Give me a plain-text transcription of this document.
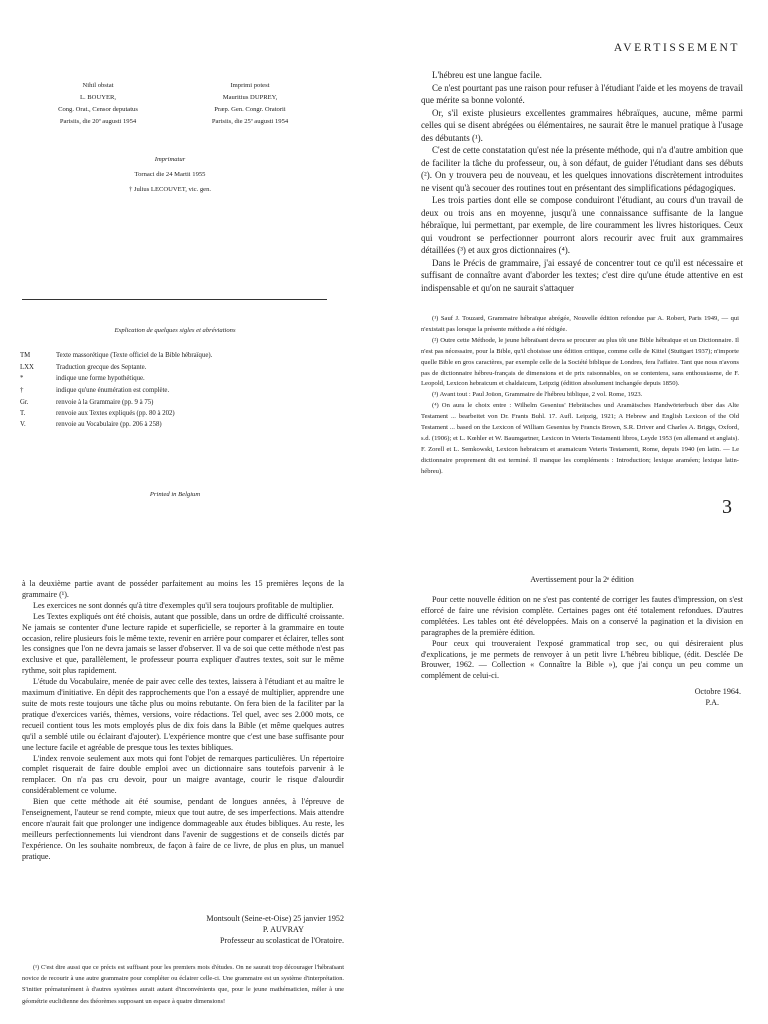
Nihil obstat
L. BOUYER,
Cong. Orat., Censor deputatus
Parisiis, die 20ª augusti 1954
Imprimi potest
Mauritius DUPREY,
Præp. Gen. Congr. Oratorii
Parisiis, die 25ª augusti 1954
Imprimatur
Tornaci die 24 Martii 1955
† Julius LECOUVET, vic. gen.
Explication de quelques sigles et abréviations
TM	Texte massorétique (Texte officiel de la Bible hébraïque).
LXX	Traduction grecque des Septante.
*	indique une forme hypothétique.
†	indique qu'une énumération est complète.
Gr.	renvoie à la Grammaire (pp. 9 à 75)
T.	renvoie aux Textes expliqués (pp. 80 à 202)
V.	renvoie au Vocabulaire (pp. 206 à 258)
Printed in Belgium
AVERTISSEMENT

L'hébreu est une langue facile.

Ce n'est pourtant pas une raison pour refuser à l'étudiant l'aide et les moyens de travail que mérite sa bonne volonté.

Or, s'il existe plusieurs excellentes grammaires hébraïques, aucune, même parmi celles qui se disent abrégées ou élémentaires, ne saurait être le manuel pratique à l'usage des débutants (¹).

C'est de cette constatation qu'est née la présente méthode, qui n'a d'autre ambition que de faciliter la tâche du professeur, ou, à son défaut, de guider l'étudiant dans ses débuts (²). On y trouvera peu de nouveau, et les quelques innovations discrètement introduites ne visent qu'à secouer des routines tout en présentant des simplifications pédagogiques.

Les trois parties dont elle se compose conduiront l'étudiant, au cours d'un travail de deux ou trois ans en moyenne, jusqu'à une connaissance suffisante de la langue hébraïque, lui permettant, par exemple, de lire couramment les livres historiques. Ceux qui voudront se perfectionner pourront alors recourir avec fruit aux grammaires détaillées (³) et aux gros dictionnaires (⁴).

Dans le Précis de grammaire, j'ai essayé de concentrer tout ce qu'il est nécessaire et suffisant de connaître avant d'aborder les textes; c'est dire qu'une étude attentive en est indispensable et qu'on ne saurait s'attaquer

(¹) Sauf J. Touzard, Grammaire hébraïque abrégée, Nouvelle édition refondue par A. Robert, Paris 1949, — qui n'existait pas lorsque la présente méthode a été rédigée.

(²) Outre cette Méthode, le jeune hébraïsant devra se procurer au plus tôt une Bible hébraïque et un Dictionnaire. Il n'est pas nécessaire, pour la Bible, qu'il choisisse une édition critique, comme celle de Kittel (Stuttgart 1937); n'importe quelle Bible en gros caractères, par exemple celle de la Société biblique de Londres, fera l'affaire. Tant que nous n'avons pas de dictionnaire hébreu-français de dimensions et de prix raisonnables, on se contentera, sans enthousiasme, de F. Leopold, Lexicon hebraicum et chaldaicum, Leipzig (édition absolument inchangée depuis 1850).

(³) Avant tout : Paul Joüon, Grammaire de l'hébreu biblique, 2 vol. Rome, 1923.

(⁴) On aura le choix entre : Wilhelm Gesenius' Hebräisches und Aramäisches Handwörterbuch über das Alte Testament ... bearbeitet von Dr. Frants Buhl. 17. Aufl. Leipzig, 1921; A Hebrew and English Lexicon of the Old Testament ... based on the Lexicon of William Gesenius by Francis Brown, S.R. Driver and Charles A. Briggs, Oxford, s.d. (1906); et L. Kœhler et W. Baumgartner, Lexicon in Veteris Testamenti libros, Leyde 1953 (en allemand et anglais). F. Zorell et L. Semkowski, Lexicon hebraicum et aramaicum Veteris Testamenti, Rome, depuis 1940 (en latin. — Le dictionnaire proprement dit est terminé. Il manque les compléments : Introduction; lexique araméen; lexique latin-hébreu).

3

à la deuxième partie avant de posséder parfaitement au moins les 15 premières leçons de la grammaire (¹).

Les exercices ne sont donnés qu'à titre d'exemples qu'il sera toujours profitable de multiplier.

Les Textes expliqués ont été choisis, autant que possible, dans un ordre de difficulté croissante. Ne jamais se contenter d'une lecture rapide et superficielle, se reporter à la grammaire en toute occasion, relire plusieurs fois le même texte, revenir en arrière pour comparer et éclairer, telles sont les consignes que l'on ne devra jamais se lasser d'observer. Il va de soi que cette méthode n'est pas exclusive et que, parallèlement, le professeur pourra expliquer d'autres textes, soit sur le même rythme, soit plus rapidement.

L'étude du Vocabulaire, menée de pair avec celle des textes, laissera à l'étudiant et au maître le maximum d'initiative. En dépit des rapprochements que l'on a essayé de multiplier, apprendre une suite de mots reste toujours une tâche plus ou moins rebutante. On fera bien de la faciliter par la pratique d'exercices variés, thèmes, versions, voire rédactions. Tel quel, avec ses 2.000 mots, ce recueil contient tous les mots employés plus de dix fois dans la Bible (et même quelques autres qu'il a semblé utile ou éclairant d'ajouter). L'expérience montre que c'est une base suffisante pour une lecture facile et agréable de presque tous les textes bibliques.

L'index renvoie seulement aux mots qui font l'objet de remarques particulières. Un répertoire complet risquerait de faire double emploi avec un dictionnaire sans toutefois parvenir à le remplacer. On n'a pas cru devoir, pour un maigre avantage, courir le risque d'alourdir considérablement ce volume.

Bien que cette méthode ait été soumise, pendant de longues années, à l'épreuve de l'enseignement, l'auteur se rend compte, mieux que tout autre, de ses imperfections. Mais attendre encore n'aurait fait que prolonger une indigence dommageable aux études bibliques. Au reste, les meilleurs perfectionnements lui viendront dans l'avenir de suggestions et de conseils dictés par l'expérience. On les souhaite nombreux, de façon à faire de ce livre, de plus en plus, un manuel pratique.

Montsoult (Seine-et-Oise) 25 janvier 1952
P. AUVRAY
Professeur au scolasticat de l'Oratoire.

(¹) C'est dire aussi que ce précis est suffisant pour les premiers mois d'études. On ne saurait trop décourager l'hébraïsant novice de recourir à une autre grammaire pour compléter ou éclairer celle-ci. Une grammaire est un système d'interprétation. S'initier prématurément à d'autres systèmes aurait autant d'inconvénients que, pour le jeune mathématicien, mêler à une géométrie euclidienne des théorèmes supposant un espace à quatre dimensions!

Avertissement pour la 2ᵉ édition

Pour cette nouvelle édition on ne s'est pas contenté de corriger les fautes d'impression, on s'est efforcé de faire une révision complète. Certaines pages ont été totalement refondues. D'autres complétées. Les tables ont été développées. Mais on a conservé la pagination et la division en paragraphes de la première édition.

Pour ceux qui trouveraient l'exposé grammatical trop sec, ou qui désireraient plus d'explications, je me permets de renvoyer à un petit livre L'hébreu biblique, (édit. Desclée De Brouwer, 1962. — Collection « Connaître la Bible »), que j'ai conçu un peu comme un complément de celui-ci.

Octobre 1964.
P.A.
